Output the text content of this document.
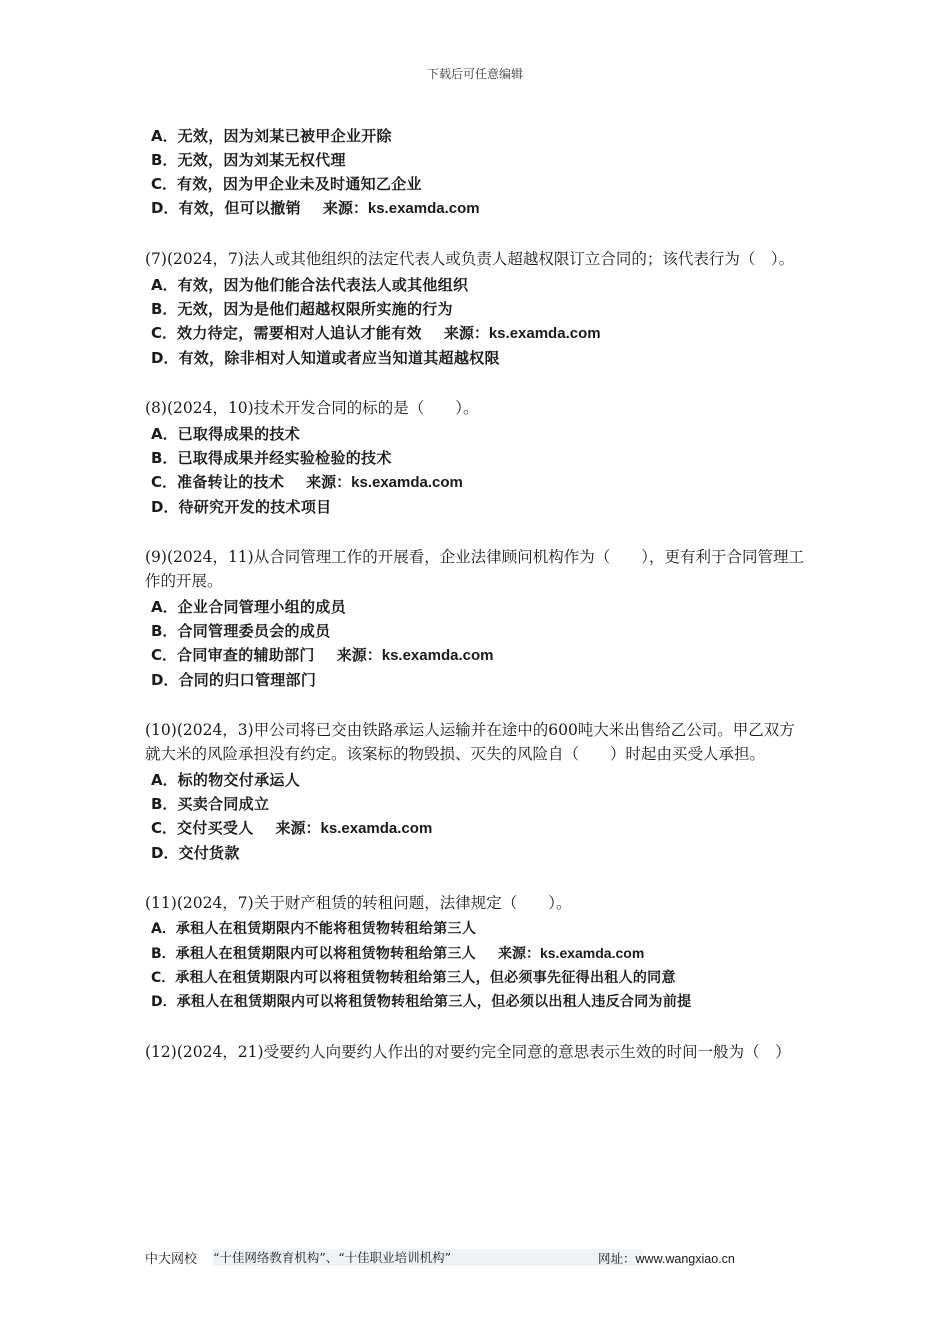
下载后可任意编辑
A．无效，因为刘某已被甲企业开除
B．无效，因为刘某无权代理
C．有效，因为甲企业未及时通知乙企业
D．有效，但可以撤销 来源：ks.examda.com

(7)(2024，7)法人或其他组织的法定代表人或负责人超越权限订立合同的；该代表行为（　）。

A．有效，因为他们能合法代表法人或其他组织
B．无效，因为是他们超越权限所实施的行为
C．效力待定，需要相对人追认才能有效 来源：ks.examda.com
D．有效，除非相对人知道或者应当知道其超越权限

(8)(2024，10)技术开发合同的标的是（　　）。

A．已取得成果的技术
B．已取得成果并经实验检验的技术
C．准备转让的技术 来源：ks.examda.com
D．待研究开发的技术项目

(9)(2024，11)从合同管理工作的开展看，企业法律顾问机构作为（　　），更有利于合同管理工作的开展。

A．企业合同管理小组的成员
B．合同管理委员会的成员
C．合同审查的辅助部门 来源：ks.examda.com
D．合同的归口管理部门

(10)(2024，3)甲公司将已交由铁路承运人运输并在途中的600吨大米出售给乙公司。甲乙双方就大米的风险承担没有约定。该案标的物毁损、灭失的风险自（　　）时起由买受人承担。

A．标的物交付承运人
B．买卖合同成立
C．交付买受人 来源：ks.examda.com
D．交付货款

(11)(2024，7)关于财产租赁的转租问题，法律规定（　　）。

A．承租人在租赁期限内不能将租赁物转租给第三人
B．承租人在租赁期限内可以将租赁物转租给第三人 来源：ks.examda.com
C．承租人在租赁期限内可以将租赁物转租给第三人，但必须事先征得出租人的同意
D．承租人在租赁期限内可以将租赁物转租给第三人，但必须以出租人违反合同为前提

(12)(2024，21)受要约人向要约人作出的对要约完全同意的意思表示生效的时间一般为（　）

中大网校 “十佳网络教育机构”、“十佳职业培训机构”	网址：www.wangxiao.cn
